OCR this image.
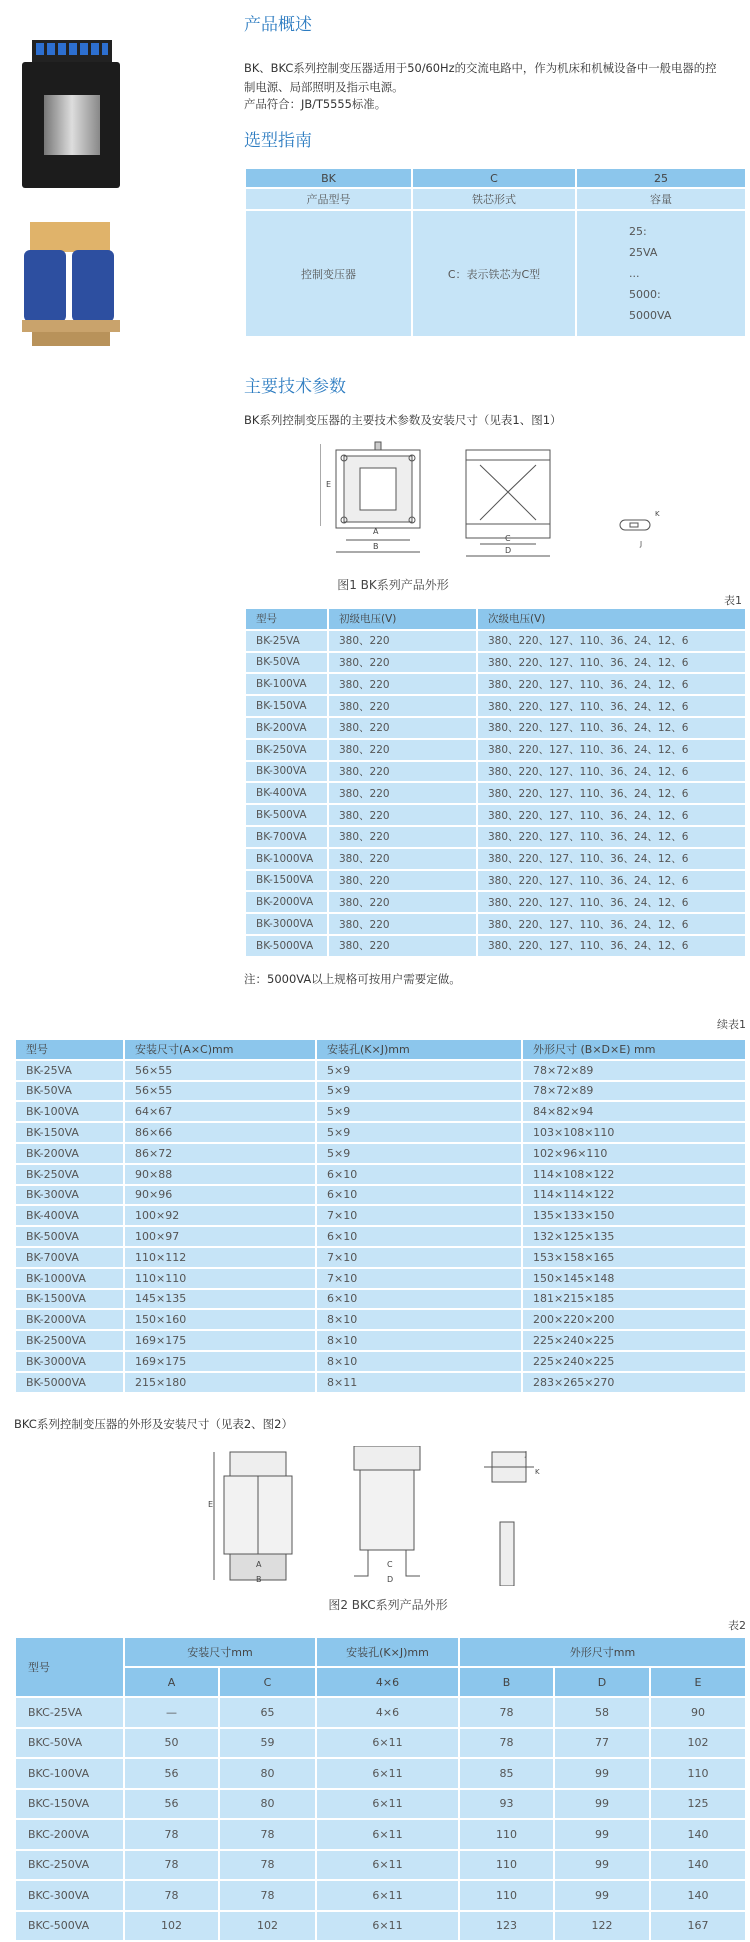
产品概述
BK、BKC系列控制变压器适用于50/60Hz的交流电路中，作为机床和机械设备中一般电器的控
制电源、局部照明及指示电源。
产品符合：JB/T5555标准。
选型指南
BK	C	25
产品型号	铁芯形式	容量
控制变压器	C：表示铁芯为C型	25:
25VA
...
5000:
5000VA
主要技术参数
BK系列控制变压器的主要技术参数及安装尺寸（见表1、图1）
A
B
C
D
E
K
J
图1 BK系列产品外形
表1
型号	初级电压(V)	次级电压(V)
BK-25VA	380、220	380、220、127、110、36、24、12、6
BK-50VA	380、220	380、220、127、110、36、24、12、6
BK-100VA	380、220	380、220、127、110、36、24、12、6
BK-150VA	380、220	380、220、127、110、36、24、12、6
BK-200VA	380、220	380、220、127、110、36、24、12、6
BK-250VA	380、220	380、220、127、110、36、24、12、6
BK-300VA	380、220	380、220、127、110、36、24、12、6
BK-400VA	380、220	380、220、127、110、36、24、12、6
BK-500VA	380、220	380、220、127、110、36、24、12、6
BK-700VA	380、220	380、220、127、110、36、24、12、6
BK-1000VA	380、220	380、220、127、110、36、24、12、6
BK-1500VA	380、220	380、220、127、110、36、24、12、6
BK-2000VA	380、220	380、220、127、110、36、24、12、6
BK-3000VA	380、220	380、220、127、110、36、24、12、6
BK-5000VA	380、220	380、220、127、110、36、24、12、6
注：5000VA以上规格可按用户需要定做。
续表1
型号	安装尺寸(A×C)mm	安装孔(K×J)mm	外形尺寸 (B×D×E) mm
BK-25VA	56×55	5×9	78×72×89
BK-50VA	56×55	5×9	78×72×89
BK-100VA	64×67	5×9	84×82×94
BK-150VA	86×66	5×9	103×108×110
BK-200VA	86×72	5×9	102×96×110
BK-250VA	90×88	6×10	114×108×122
BK-300VA	90×96	6×10	114×114×122
BK-400VA	100×92	7×10	135×133×150
BK-500VA	100×97	6×10	132×125×135
BK-700VA	110×112	7×10	153×158×165
BK-1000VA	110×110	7×10	150×145×148
BK-1500VA	145×135	6×10	181×215×185
BK-2000VA	150×160	8×10	200×220×200
BK-2500VA	169×175	8×10	225×240×225
BK-3000VA	169×175	8×10	225×240×225
BK-5000VA	215×180	8×11	283×265×270
BKC系列控制变压器的外形及安装尺寸（见表2、图2）
A
B
C
D
E
K
J
图2 BKC系列产品外形
表2
型号	安装尺寸mm		安装孔(K×J)mm	外形尺寸mm		
	A	C	4×6	B	D	E
BKC-25VA	—	65	4×6	78	58	90
BKC-50VA	50	59	6×11	78	77	102
BKC-100VA	56	80	6×11	85	99	110
BKC-150VA	56	80	6×11	93	99	125
BKC-200VA	78	78	6×11	110	99	140
BKC-250VA	78	78	6×11	110	99	140
BKC-300VA	78	78	6×11	110	99	140
BKC-500VA	102	102	6×11	123	122	167
